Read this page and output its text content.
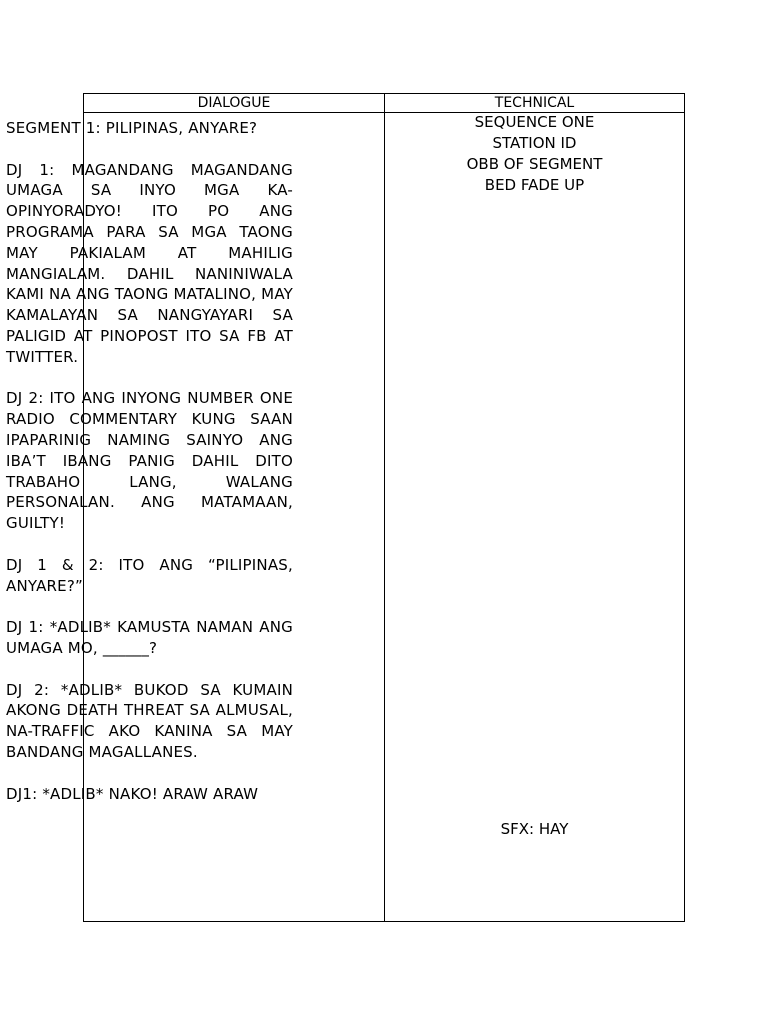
DIALOGUE	TECHNICAL
SEQUENCE ONE
STATION ID
OBB OF SEGMENT
BED FADE UP
SFX: HAY

SEGMENT 1: PILIPINAS, ANYARE?

DJ 1: MAGANDANG MAGANDANG UMAGA SA INYO MGA KA-OPINYORADYO! ITO PO ANG PROGRAMA PARA SA MGA TAONG MAY PAKIALAM AT MAHILIG MANGIALAM. DAHIL NANINIWALA KAMI NA ANG TAONG MATALINO, MAY KAMALAYAN SA NANGYAYARI SA PALIGID AT PINOPOST ITO SA FB AT TWITTER.

DJ 2: ITO ANG INYONG NUMBER ONE RADIO COMMENTARY KUNG SAAN IPAPARINIG NAMING SAINYO ANG IBA’T IBANG PANIG DAHIL DITO TRABAHO LANG, WALANG PERSONALAN. ANG MATAMAAN, GUILTY!

DJ 1 & 2: ITO ANG “PILIPINAS, ANYARE?”

DJ 1: *ADLIB* KAMUSTA NAMAN ANG UMAGA MO, ______?

DJ 2: *ADLIB* BUKOD SA KUMAIN AKONG DEATH THREAT SA ALMUSAL, NA-TRAFFIC AKO KANINA SA MAY BANDANG MAGALLANES.

DJ1: *ADLIB* NAKO! ARAW ARAW
